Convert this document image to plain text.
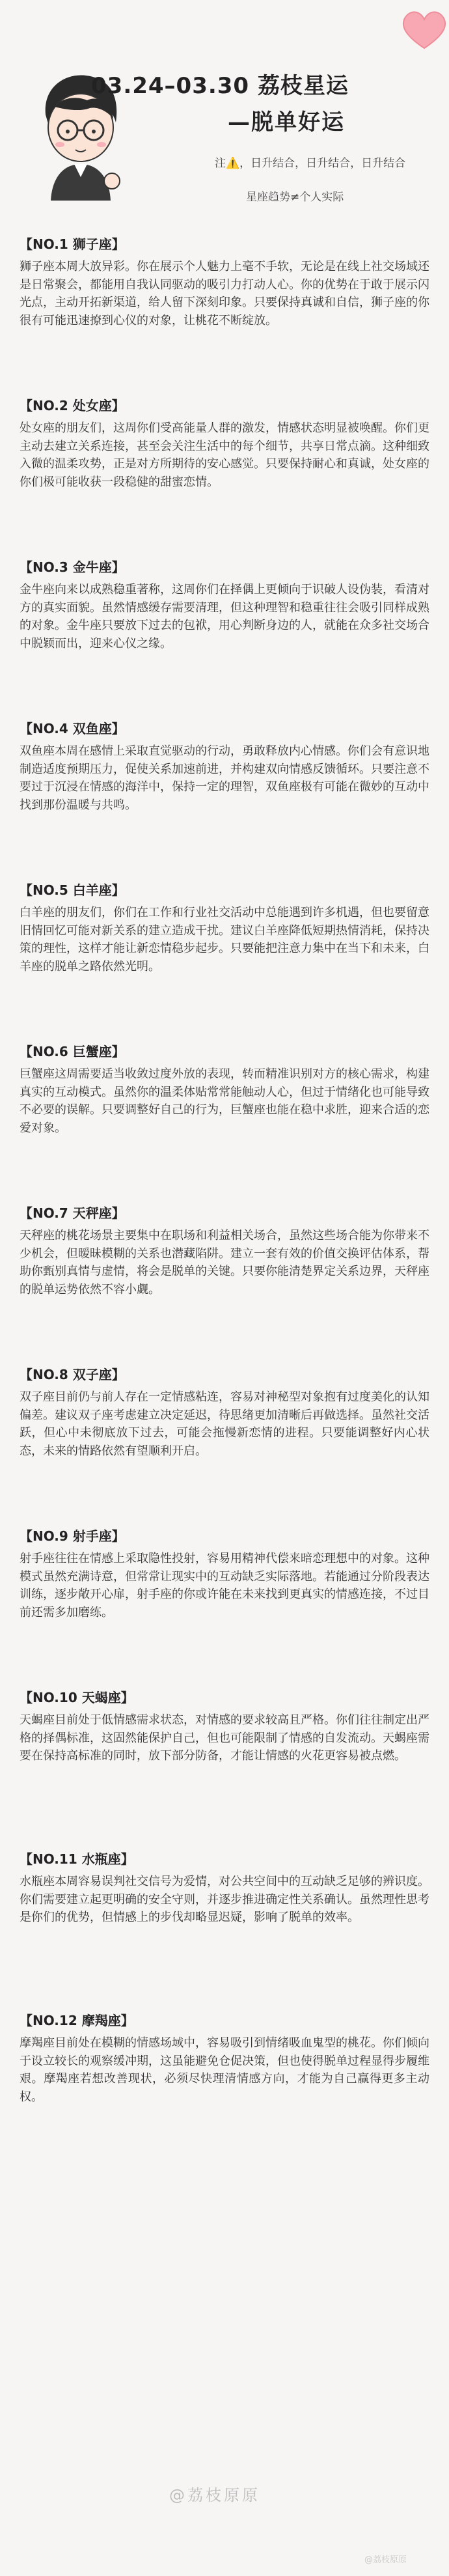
03.24–03.30 荔枝星运
—脱单好运
注⚠️，日升结合，日升结合，日升结合
星座趋势≠个人实际

【NO.1 狮子座】

狮子座本周大放异彩。你在展示个人魅力上毫不手软，无论是在线上社交场域还是日常聚会，都能用自我认同驱动的吸引力打动人心。你的优势在于敢于展示闪光点，主动开拓新渠道，给人留下深刻印象。只要保持真诚和自信，狮子座的你很有可能迅速撩到心仪的对象，让桃花不断绽放。

【NO.2 处女座】

处女座的朋友们，这周你们受高能量人群的激发，情感状态明显被唤醒。你们更主动去建立关系连接，甚至会关注生活中的每个细节，共享日常点滴。这种细致入微的温柔攻势，正是对方所期待的安心感觉。只要保持耐心和真诚，处女座的你们极可能收获一段稳健的甜蜜恋情。

【NO.3 金牛座】

金牛座向来以成熟稳重著称，这周你们在择偶上更倾向于识破人设伪装，看清对方的真实面貌。虽然情感缓存需要清理，但这种理智和稳重往往会吸引同样成熟的对象。金牛座只要放下过去的包袱，用心判断身边的人，就能在众多社交场合中脱颖而出，迎来心仪之缘。

【NO.4 双鱼座】

双鱼座本周在感情上采取直觉驱动的行动，勇敢释放内心情感。你们会有意识地制造适度预期压力，促使关系加速前进，并构建双向情感反馈循环。只要注意不要过于沉浸在情感的海洋中，保持一定的理智，双鱼座极有可能在微妙的互动中找到那份温暖与共鸣。

【NO.5 白羊座】

白羊座的朋友们，你们在工作和行业社交活动中总能遇到许多机遇，但也要留意旧情回忆可能对新关系的建立造成干扰。建议白羊座降低短期热情消耗，保持决策的理性，这样才能让新恋情稳步起步。只要能把注意力集中在当下和未来，白羊座的脱单之路依然光明。

【NO.6 巨蟹座】

巨蟹座这周需要适当收敛过度外放的表现，转而精准识别对方的核心需求，构建真实的互动模式。虽然你的温柔体贴常常能触动人心，但过于情绪化也可能导致不必要的误解。只要调整好自己的行为，巨蟹座也能在稳中求胜，迎来合适的恋爱对象。

【NO.7 天秤座】

天秤座的桃花场景主要集中在职场和利益相关场合，虽然这些场合能为你带来不少机会，但暧昧模糊的关系也潜藏陷阱。建立一套有效的价值交换评估体系，帮助你甄别真情与虚情，将会是脱单的关键。只要你能清楚界定关系边界，天秤座的脱单运势依然不容小觑。

【NO.8 双子座】

双子座目前仍与前人存在一定情感粘连，容易对神秘型对象抱有过度美化的认知偏差。建议双子座考虑建立决定延迟，待思绪更加清晰后再做选择。虽然社交活跃，但心中未彻底放下过去，可能会拖慢新恋情的进程。只要能调整好内心状态，未来的情路依然有望顺利开启。

【NO.9 射手座】

射手座往往在情感上采取隐性投射，容易用精神代偿来暗恋理想中的对象。这种模式虽然充满诗意，但常常让现实中的互动缺乏实际落地。若能通过分阶段表达训练，逐步敞开心扉，射手座的你或许能在未来找到更真实的情感连接，不过目前还需多加磨练。

【NO.10 天蝎座】

天蝎座目前处于低情感需求状态，对情感的要求较高且严格。你们往往制定出严格的择偶标准，这固然能保护自己，但也可能限制了情感的自发流动。天蝎座需要在保持高标准的同时，放下部分防备，才能让情感的火花更容易被点燃。

【NO.11 水瓶座】

水瓶座本周容易误判社交信号为爱情，对公共空间中的互动缺乏足够的辨识度。你们需要建立起更明确的安全守则，并逐步推进确定性关系确认。虽然理性思考是你们的优势，但情感上的步伐却略显迟疑，影响了脱单的效率。

【NO.12 摩羯座】

摩羯座目前处在模糊的情感场域中，容易吸引到情绪吸血鬼型的桃花。你们倾向于设立较长的观察缓冲期，这虽能避免仓促决策，但也使得脱单过程显得步履维艰。摩羯座若想改善现状，必须尽快理清情感方向，才能为自己赢得更多主动权。

@荔枝原原
@荔枝原原
